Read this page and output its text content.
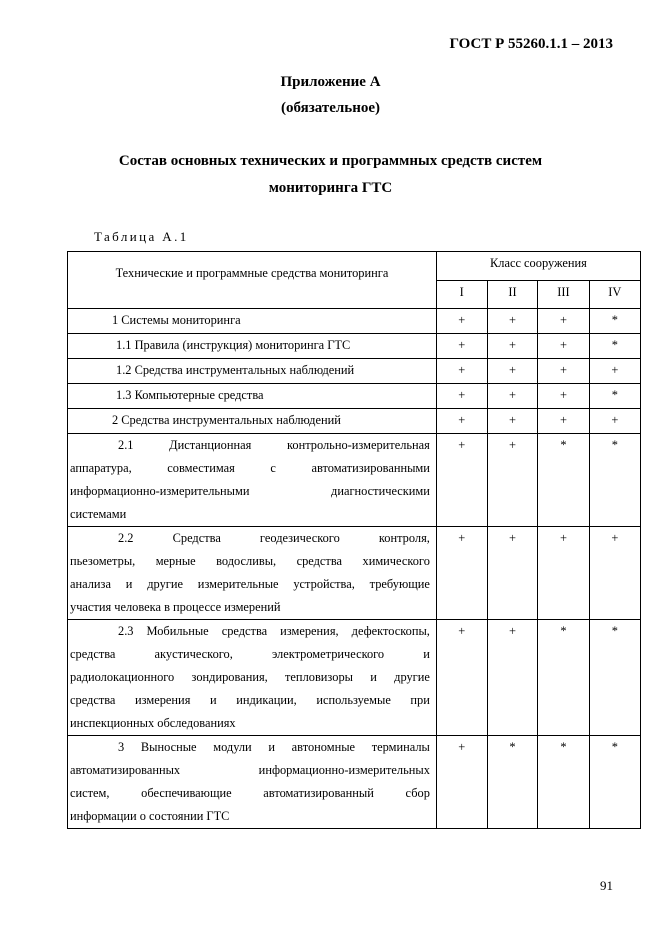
ГОСТ Р 55260.1.1 – 2013
Приложение А
(обязательное)
Состав основных технических и программных средств систем
мониторинга ГТС
Таблица А.1
Технические и программные средства мониторинга	Класс сооружения			
	I	II	III	IV
1 Системы мониторинга	+	+	+	*
1.1 Правила (инструкция) мониторинга ГТС	+	+	+	*
1.2 Средства инструментальных наблюдений	+	+	+	+
1.3 Компьютерные средства	+	+	+	*
2 Средства инструментальных наблюдений	+	+	+	+

2.1 Дистанционная контрольно-измерительная
аппаратура, совместимая с автоматизированными
информационно-измерительными диагностическими
системами	+	+	*	*

2.2 Средства геодезического контроля,
пьезометры, мерные водосливы, средства химического
анализа и другие измерительные устройства, требующие
участия человека в процессе измерений	+	+	+	+

2.3 Мобильные средства измерения, дефектоскопы,
средства акустического, электрометрического и
радиолокационного зондирования, тепловизоры и другие
средства измерения и индикации, используемые при
инспекционных обследованиях	+	+	*	*

3 Выносные модули и автономные терминалы
автоматизированных информационно-измерительных
систем, обеспечивающие автоматизированный сбор
информации о состоянии ГТС	+	*	*	*
91
